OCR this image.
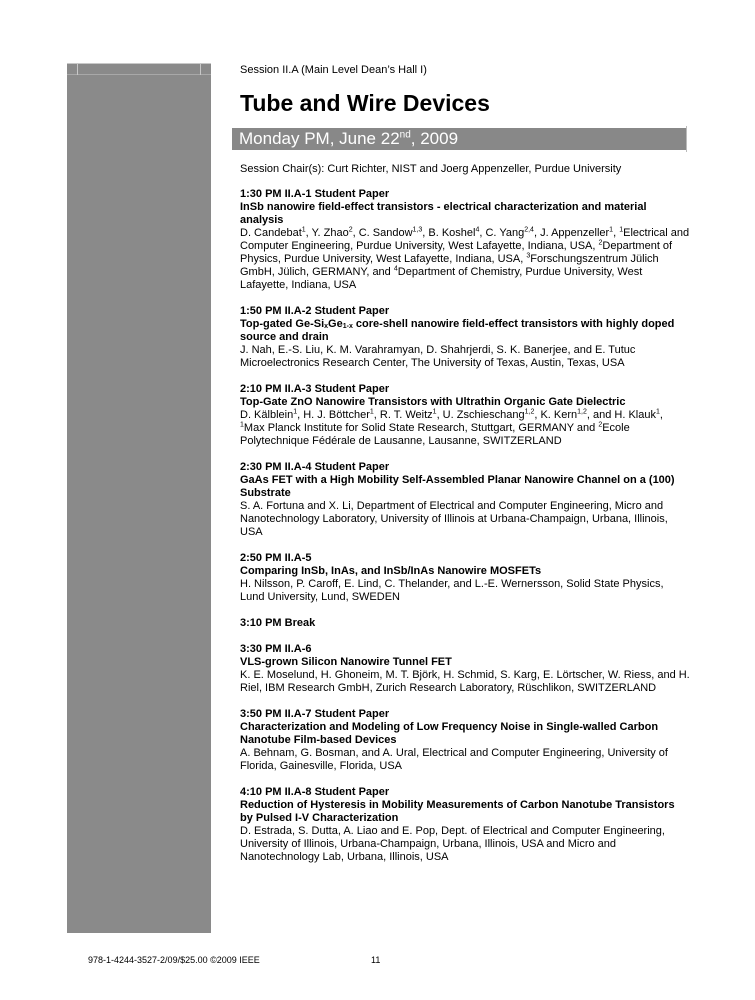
Session II.A (Main Level Dean’s Hall I)
Tube and Wire Devices
Monday PM, June 22nd, 2009
Session Chair(s): Curt Richter, NIST and Joerg Appenzeller, Purdue University
1:30 PM II.A-1 Student Paper
InSb nanowire field-effect transistors - electrical characterization and material analysis
D. Candebat$^1$, Y. Zhao$^2$, C. Sandow$^{1,3}$, B. Koshel$^4$, C. Yang$^{2,4}$, J. Appenzeller$^1$, $^1$Electrical and Computer Engineering, Purdue University, West Lafayette, Indiana, USA, $^2$Department of Physics, Purdue University, West Lafayette, Indiana, USA, $^3$Forschungszentrum Jülich GmbH, Jülich, GERMANY, and $^4$Department of Chemistry, Purdue University, West Lafayette, Indiana, USA
1:50 PM II.A-2 Student Paper
Top-gated $Ge-Si_xGe_{1-x}$ core-shell nanowire field-effect transistors with highly doped source and drain
J. Nah, E.-S. Liu, K. M. Varahramyan, D. Shahrjerdi, S. K. Banerjee, and E. Tutuc Microelectronics Research Center, The University of Texas, Austin, Texas, USA
2:10 PM II.A-3 Student Paper
Top-Gate ZnO Nanowire Transistors with Ultrathin Organic Gate Dielectric
D. Kälblein$^1$, H. J. Böttcher$^1$, R. T. Weitz$^1$, U. Zschieschang$^{1,2}$, K. Kern$^{1,2}$, and H. Klauk$^1$, $^1$Max Planck Institute for Solid State Research, Stuttgart, GERMANY and $^2$Ecole Polytechnique Fédérale de Lausanne, Lausanne, SWITZERLAND
2:30 PM II.A-4 Student Paper
GaAs FET with a High Mobility Self-Assembled Planar Nanowire Channel on a (100) Substrate
S. A. Fortuna and X. Li, Department of Electrical and Computer Engineering, Micro and Nanotechnology Laboratory, University of Illinois at Urbana-Champaign, Urbana, Illinois, USA
2:50 PM II.A-5
Comparing InSb, InAs, and InSb/InAs Nanowire MOSFETs
H. Nilsson, P. Caroff, E. Lind, C. Thelander, and L.-E. Wernersson, Solid State Physics, Lund University, Lund, SWEDEN
3:10 PM Break
3:30 PM II.A-6
VLS-grown Silicon Nanowire Tunnel FET
K. E. Moselund, H. Ghoneim, M. T. Björk, H. Schmid, S. Karg, E. Lörtscher, W. Riess, and H. Riel, IBM Research GmbH, Zurich Research Laboratory, Rüschlikon, SWITZERLAND
3:50 PM II.A-7 Student Paper
Characterization and Modeling of Low Frequency Noise in Single-walled Carbon Nanotube Film-based Devices
A. Behnam, G. Bosman, and A. Ural, Electrical and Computer Engineering, University of Florida, Gainesville, Florida, USA
4:10 PM II.A-8 Student Paper
Reduction of Hysteresis in Mobility Measurements of Carbon Nanotube Transistors by Pulsed I-V Characterization
D. Estrada, S. Dutta, A. Liao and E. Pop, Dept. of Electrical and Computer Engineering, University of Illinois, Urbana-Champaign, Urbana, Illinois, USA and Micro and Nanotechnology Lab, Urbana, Illinois, USA
978-1-4244-3527-2/09/$25.00 ©2009 IEEE	11
